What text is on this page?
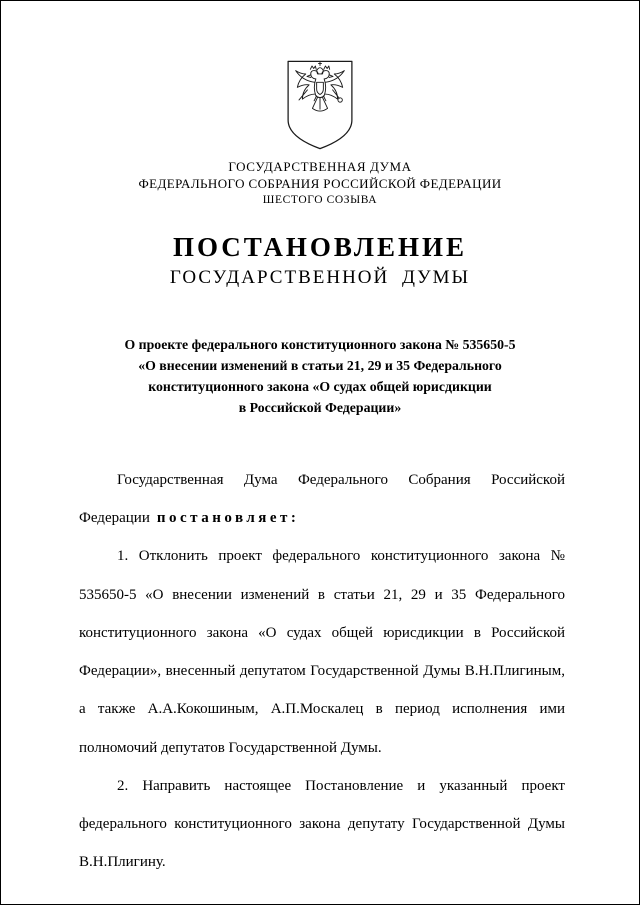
ГОСУДАРСТВЕННАЯ ДУМА
ФЕДЕРАЛЬНОГО СОБРАНИЯ РОССИЙСКОЙ ФЕДЕРАЦИИ
ШЕСТОГО СОЗЫВА
ПОСТАНОВЛЕНИЕ
ГОСУДАРСТВЕННОЙ ДУМЫ
О проекте федерального конституционного закона № 535650-5
«О внесении изменений в статьи 21, 29 и 35 Федерального
конституционного закона «О судах общей юрисдикции
в Российской Федерации»

Государственная Дума Федерального Собрания Российской Федерации постановляет:

1. Отклонить проект федерального конституционного закона № 535650-5 «О внесении изменений в статьи 21, 29 и 35 Федерального конституционного закона «О судах общей юрисдикции в Российской Федерации», внесенный депутатом Государственной Думы В.Н.Плигиным, а также А.А.Кокошиным, А.П.Москалец в период исполнения ими полномочий депутатов Государственной Думы.

2. Направить настоящее Постановление и указанный проект федерального конституционного закона депутату Государственной Думы В.Н.Плигину.
